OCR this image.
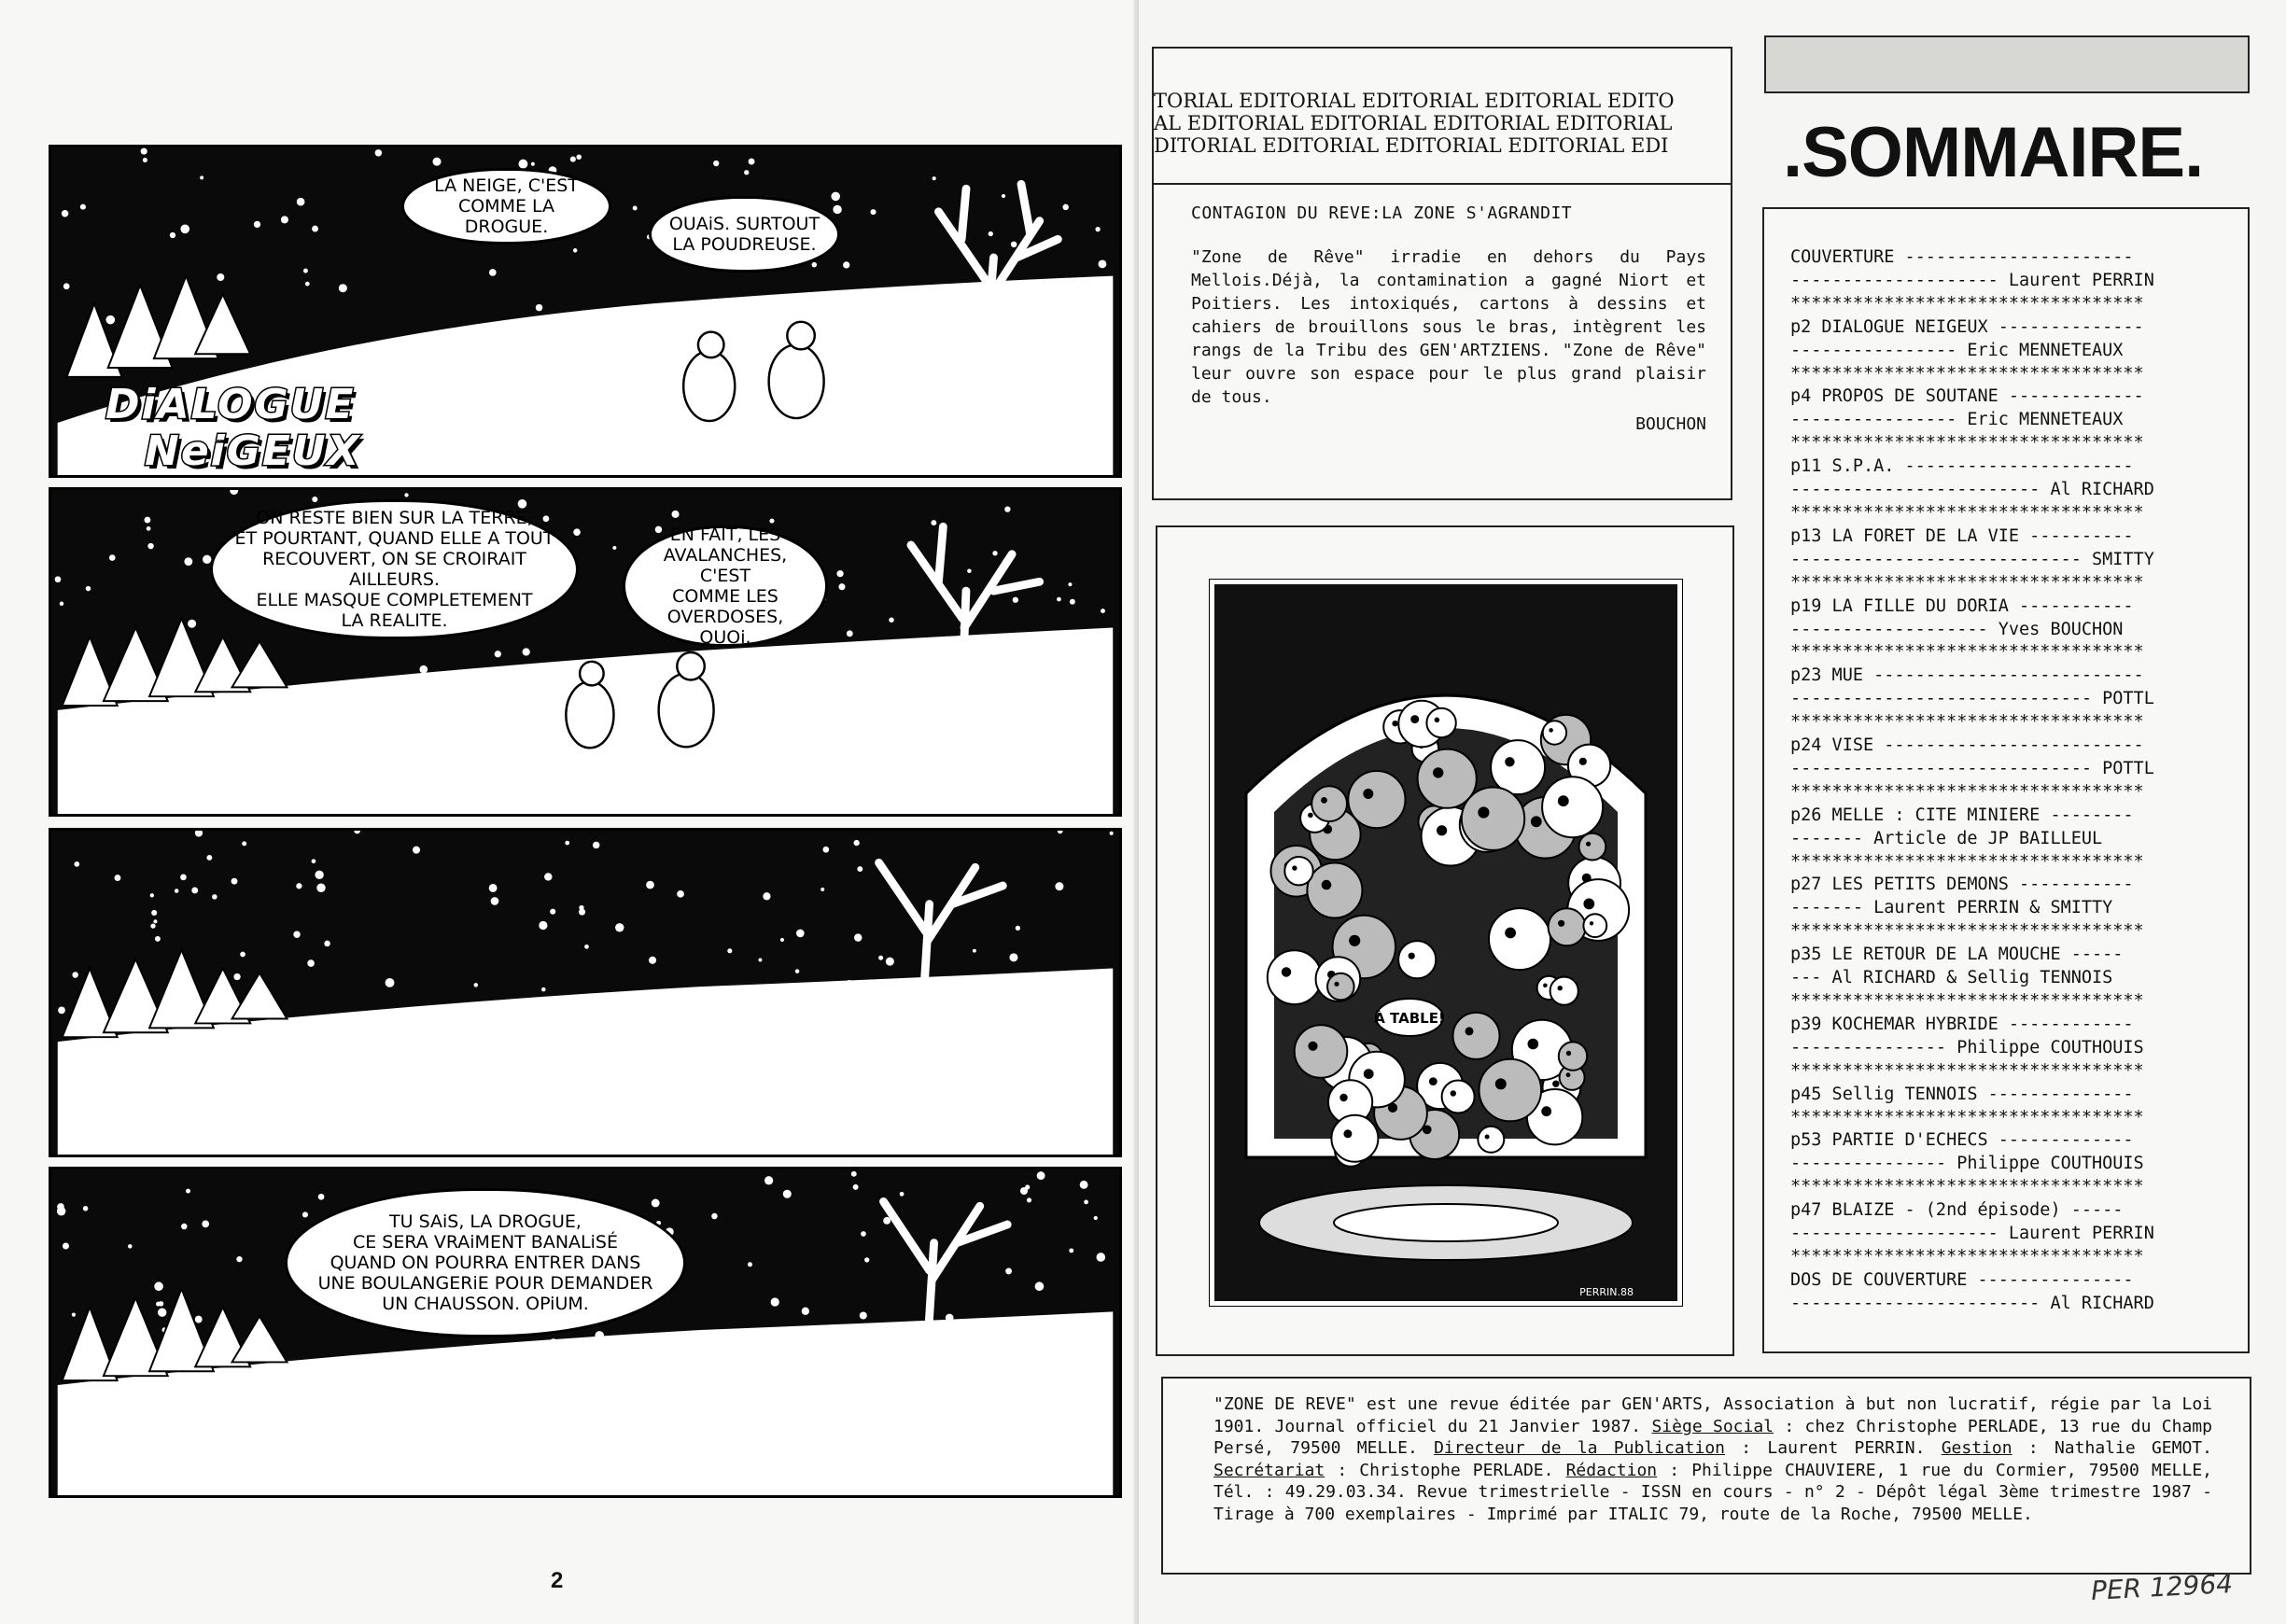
LA NEIGE, C'EST
COMME LA DROGUE.	OUAiS. SURTOUT
LA POUDREUSE.
DiALOGUE
NeiGEUX
ON RESTE BIEN SUR LA TERRE,
ET POURTANT, QUAND ELLE A TOUT
RECOUVERT, ON SE CROIRAIT AILLEURS.
ELLE MASQUE COMPLETEMENT
LA REALITE.
EN FAIT, LES
AVALANCHES, C'EST
COMME LES
OVERDOSES, QUOi.
TU SAiS, LA DROGUE,
CE SERA VRAiMENT BANALiSÉ
QUAND ON POURRA ENTRER DANS
UNE BOULANGERiE POUR DEMANDER
UN CHAUSSON. OPiUM.
2
TORIAL EDITORIAL EDITORIAL EDITORIAL EDITO
AL EDITORIAL EDITORIAL EDITORIAL EDITORIAL
DITORIAL EDITORIAL EDITORIAL EDITORIAL EDI
CONTAGION DU REVE:LA ZONE S'AGRANDIT
"Zone de Rêve" irradie en dehors du Pays Mellois.Déjà, la contamination a gagné Niort et Poitiers. Les intoxiqués, cartons à dessins et cahiers de brouillons sous le bras, intègrent les rangs de la Tribu des GEN'ARTZIENS. "Zone de Rêve" leur ouvre son espace pour le plus grand plaisir de tous.
BOUCHON
À TABLE!
PERRIN.88
.SOMMAIRE.
COUVERTURE ----------------------
-------------------- Laurent PERRIN
**********************************
p2 DIALOGUE NEIGEUX --------------
---------------- Eric MENNETEAUX
**********************************
p4 PROPOS DE SOUTANE -------------
---------------- Eric MENNETEAUX
**********************************
p11 S.P.A. ----------------------
------------------------ Al RICHARD
**********************************
p13 LA FORET DE LA VIE ----------
---------------------------- SMITTY
**********************************
p19 LA FILLE DU DORIA -----------
------------------- Yves BOUCHON
**********************************
p23 MUE --------------------------
----------------------------- POTTL
**********************************
p24 VISE -------------------------
----------------------------- POTTL
**********************************
p26 MELLE : CITE MINIERE --------
------- Article de JP BAILLEUL
**********************************
p27 LES PETITS DEMONS -----------
------- Laurent PERRIN & SMITTY
**********************************
p35 LE RETOUR DE LA MOUCHE -----
--- Al RICHARD & Sellig TENNOIS
**********************************
p39 KOCHEMAR HYBRIDE ------------
--------------- Philippe COUTHOUIS
**********************************
p45 Sellig TENNOIS --------------
**********************************
p53 PARTIE D'ECHECS -------------
--------------- Philippe COUTHOUIS
**********************************
p47 BLAIZE - (2nd épisode) -----
-------------------- Laurent PERRIN
**********************************
DOS DE COUVERTURE ---------------
------------------------ Al RICHARD
"ZONE DE REVE" est une revue éditée par GEN'ARTS, Association à but non lucratif, régie par la Loi 1901. Journal officiel du 21 Janvier 1987. Siège Social : chez Christophe PERLADE, 13 rue du Champ Persé, 79500 MELLE. Directeur de la Publication : Laurent PERRIN. Gestion : Nathalie GEMOT. Secrétariat : Christophe PERLADE. Rédaction : Philippe CHAUVIERE, 1 rue du Cormier, 79500 MELLE, Tél. : 49.29.03.34. Revue trimestrielle - ISSN en cours - n° 2 - Dépôt légal 3ème trimestre 1987 - Tirage à 700 exemplaires - Imprimé par ITALIC 79, route de la Roche, 79500 MELLE.
PER 12964
